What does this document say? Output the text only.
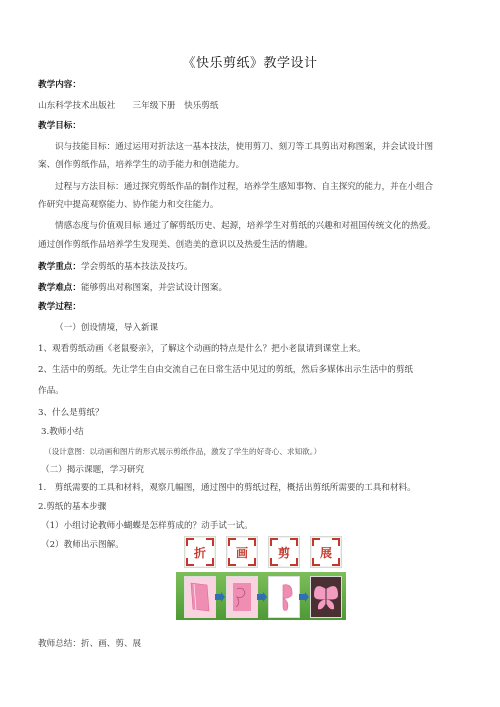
《快乐剪纸》教学设计
教学内容：
山东科学技术出版社　　三年级下册　快乐剪纸
教学目标：
识与技能目标：通过运用对折法这一基本技法，使用剪刀、刻刀等工具剪出对称图案，并会试设计图
案、创作剪纸作品，培养学生的动手能力和创造能力。
过程与方法目标：通过探究剪纸作品的制作过程，培养学生感知事物、自主探究的能力，并在小组合
作研究中提高观察能力、协作能力和交往能力。
情感态度与价值观目标 通过了解剪纸历史、起源，培养学生对剪纸的兴趣和对祖国传统文化的热爱。
通过创作剪纸作品培养学生发现美、创造美的意识以及热爱生活的情趣。
教学重点：学会剪纸的基本技法及技巧。
教学难点：能够剪出对称图案，并尝试设计图案。
教学过程：
（一）创设情境，导入新课
1、观看剪纸动画《老鼠娶亲》，了解这个动画的特点是什么？把小老鼠请到课堂上来。
2、生活中的剪纸。先让学生自由交流自己在日常生活中见过的剪纸，然后多媒体出示生活中的剪纸
作品。
3、什么是剪纸？
3.教师小结
（设计意图：以动画和图片的形式展示剪纸作品，激发了学生的好奇心、求知欲。）
（二）揭示课题，学习研究
1.　剪纸需要的工具和材料，观察几幅图，通过图中的剪纸过程，概括出剪纸所需要的工具和材料。
2.剪纸的基本步骤
（1）小组讨论教师小蝴蝶是怎样剪成的？动手试一试。
（2）教师出示图解。
折	画	剪	展
教师总结：折、画、剪、展
